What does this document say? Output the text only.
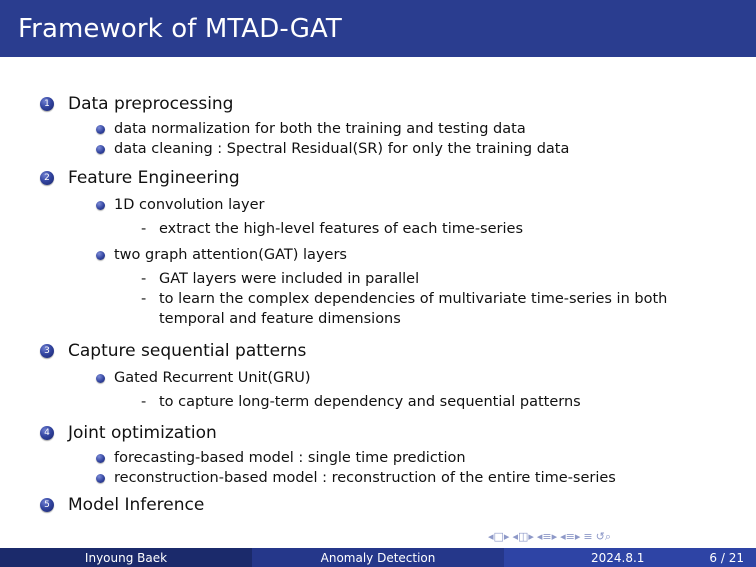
Framework of MTAD-GAT
1 Data preprocessing
data normalization for both the training and testing data
data cleaning : Spectral Residual(SR) for only the training data
2 Feature Engineering
1D convolution layer
- extract the high-level features of each time-series
two graph attention(GAT) layers
- GAT layers were included in parallel
- to learn the complex dependencies of multivariate time-series in both
temporal and feature dimensions
3 Capture sequential patterns
Gated Recurrent Unit(GRU)
- to capture long-term dependency and sequential patterns
4 Joint optimization
forecasting-based model : single time prediction
reconstruction-based model : reconstruction of the entire time-series
5 Model Inference
◂□▸ ◂◫▸ ◂≡▸ ◂≡▸ ≡ ↺⌕
Inyoung Baek	Anomaly Detection	2024.8.1	6 / 21
